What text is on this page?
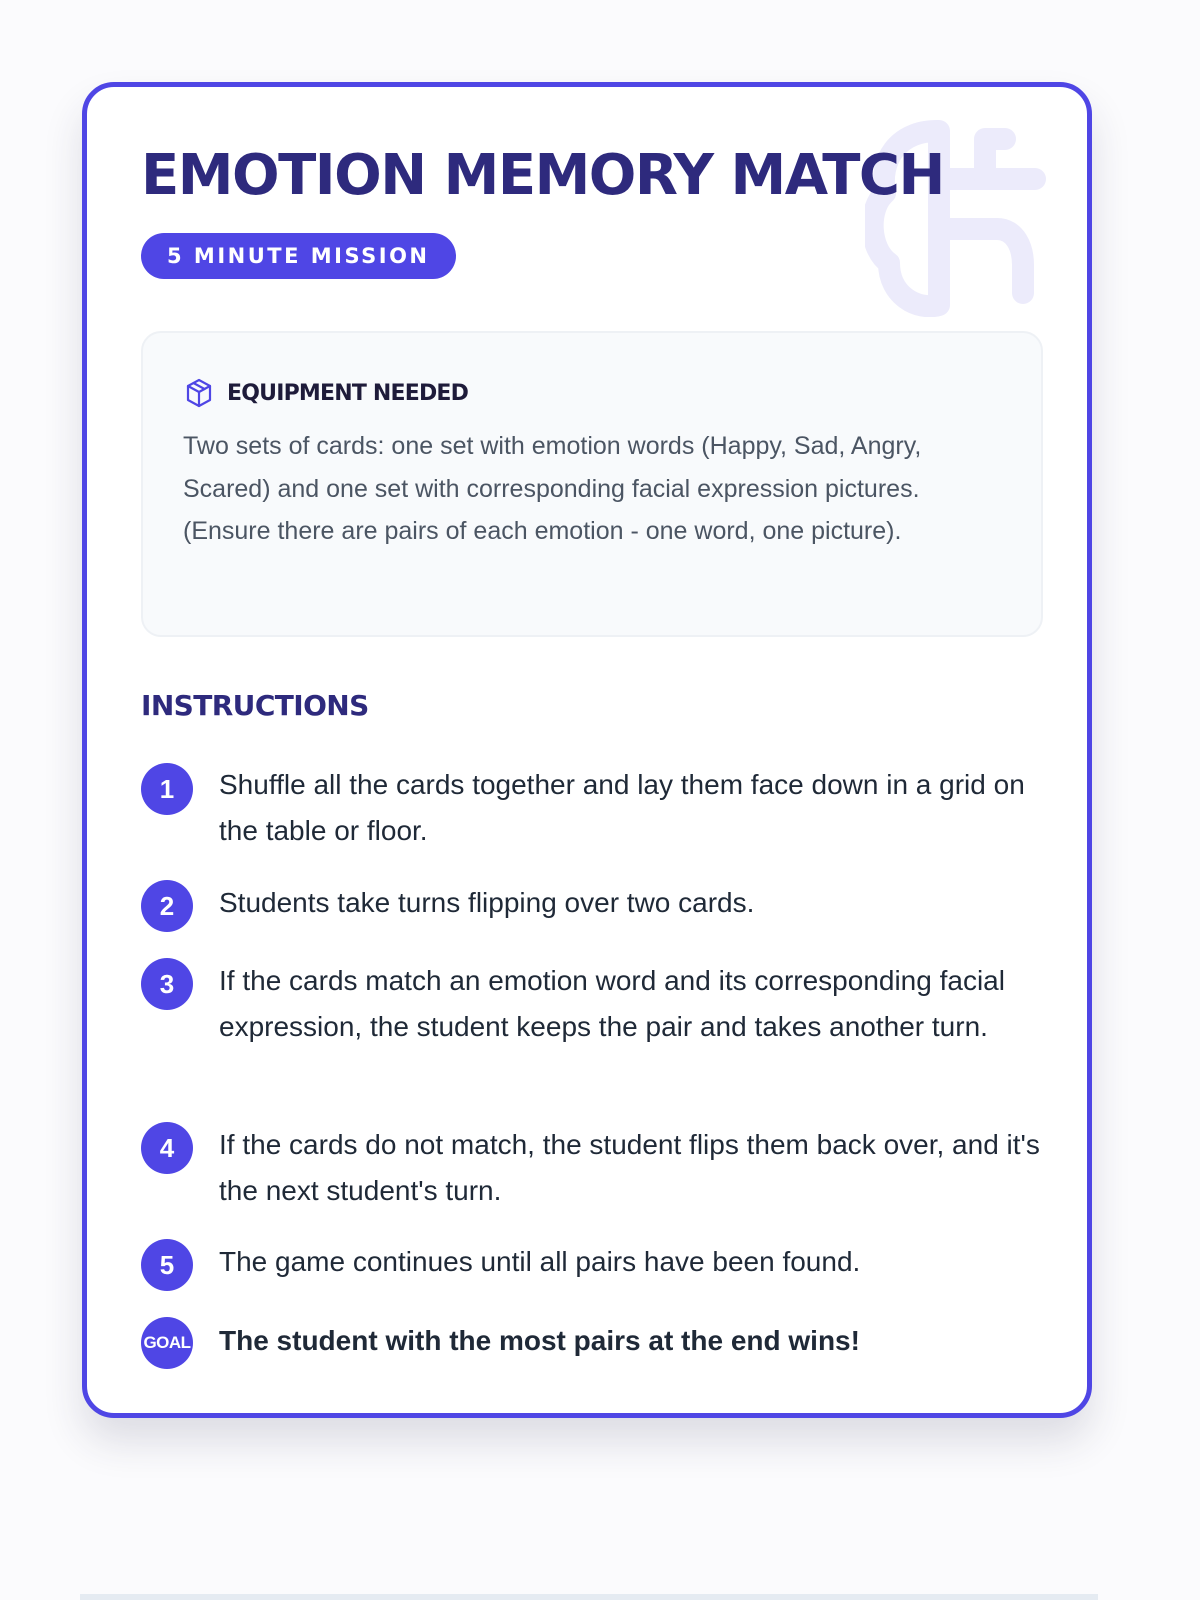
EMOTION MEMORY MATCH
5 MINUTE MISSION
EQUIPMENT NEEDED

Two sets of cards: one set with emotion words (Happy, Sad, Angry, Scared) and one set with corresponding facial expression pictures. (Ensure there are pairs of each emotion - one word, one picture).

INSTRUCTIONS
1	Shuffle all the cards together and lay them face down in a grid on the table or floor.

2	Students take turns flipping over two cards.

3	If the cards match an emotion word and its corresponding facial expression, the student keeps the pair and takes another turn.

4	If the cards do not match, the student flips them back over, and it's the next student's turn.

5	The game continues until all pairs have been found.

GOAL The student with the most pairs at the end wins!
